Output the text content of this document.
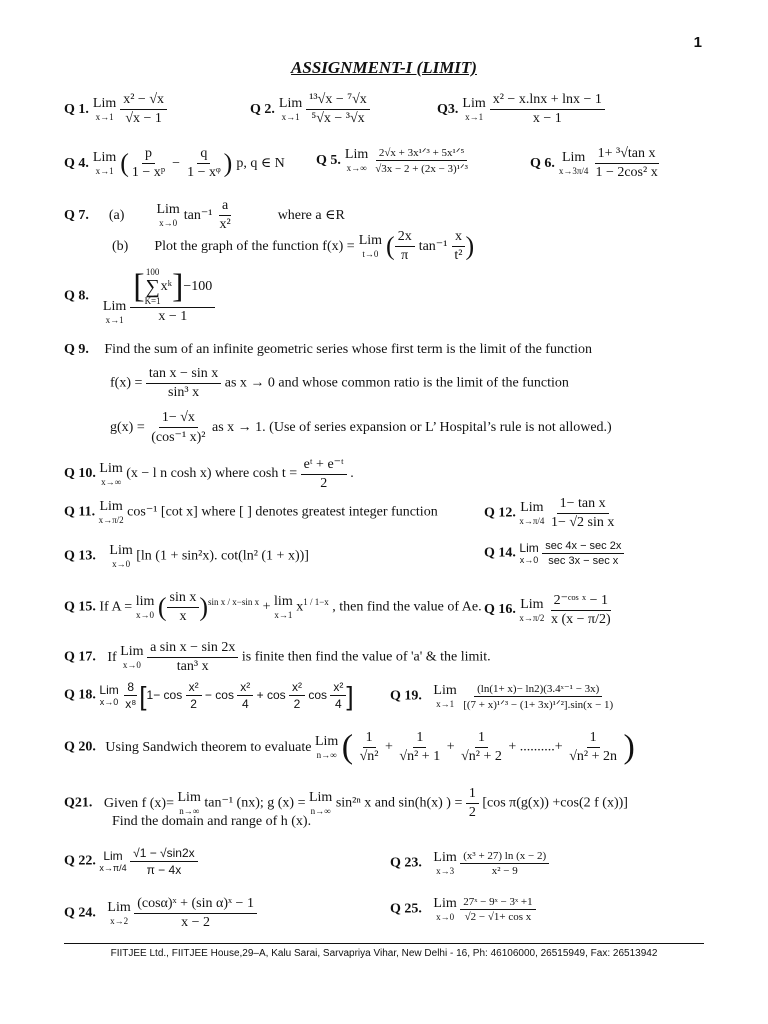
1
ASSIGNMENT-I (LIMIT)
Q 1. Lim
x→1
$\frac{\text{x² − √x}}{√x - 1}$	Q 2. Lim
x→1
$\frac{\text{¹³√x − ⁷√x}}{\text{⁵√x − ³√x}}$	Q3. Lim
x→1
$\frac{\text{x² − x.lnx + lnx − 1}}{x - 1}$
Q 4. Lim
x→1 ( $\frac{p}{\text{1 − xᵖ}} - \frac{q}{\text{1 − xᵠ}}$ ) p, q ∈ N Q 5. Lim
x→∞
$\frac{\text{2√x + 3x¹ᐟ³ + 5x¹ᐟ⁵}}{\text{√3x − 2 + (2x − 3)¹ᐟ³}}$	Q 6. Lim
x→3π/4
$\frac{\text{1+ ³√tan x}}{\text{1 − 2cos² x}}$
Q 7. (a) Lim
x→0 $\tan^{-1} \frac{a}{\text{x²}}$	where a ∈R
(b) Plot the graph of the function f(x) = Lim
t→0 ( $\frac{2x}{\pi} \tan^{-1} \frac{x}{\text{t²}}$ )
Q 8.
Lim
x→1

[ 100
∑
K=1
xᵏ ] −100
x − 1
Q 9. Find the sum of an infinite geometric series whose first term is the limit of the function
$f(x) = \frac{\text{tan x − sin x}}{\text{sin³ x}}$ as x → 0 and whose common ratio is the limit of the function
$g(x) = \frac{1- √x}{\text{(cos⁻¹ x)²}}$ as x → 1. (Use of series expansion or L’ Hospital’s rule is not allowed.)
Q 10. Lim
x→∞
(x − l n cosh x) where $\cosh t = \frac{\text{eᵗ + e⁻ᵗ}}{2}$ .
Q 11. Lim
x→π/2
cos⁻¹ [cot x] where [ ] denotes greatest integer function	Q 12. Lim
x→π/4
$\frac{\text{1− tan x}}{\text{1− √2 sin x}}$
Q 13. Lim
x→0
[ln (1 + sin²x). cot(ln² (1 + x))]	Q 14. Lim
x→0
$\frac{\sec 4x - \sec 2x}{\text{sec 3x − sec x}}$
Q 15. If A = lim
x→0 ( $\frac{\text{sin x}}{x} )^{sin x / x-sin x} + \lim$
x→1
$x^{1 / 1-x}$ , then find the value of Ae. Q 16. Lim
x→π/2
$\frac{\text{2⁻ᶜᵒˢ ˣ − 1}}{x (x - \pi/2)}$
Q 17. If Lim
x→0
$\frac{\text{a sin x − sin 2x}}{\text{tan³ x}}$ is finite then find the value of 'a' & the limit.
Q 18. Lim
x→0
$\frac{8}{\text{x⁸}} [1- \cos \frac{\text{x²}}{2} - \cos \frac{\text{x²}}{4} + \cos \frac{\text{x²}}{2}$ $\cos \frac{\text{x²}}{4}$ ]	Q 19. Lim
x→1
$\frac{\text{(ln(1+ x)− ln2)(3.4ˣ⁻¹ − 3x)}}{\text{[(7 + x)¹ᐟ³ − (1+ 3x)¹ᐟ²].sin(x − 1)}}$
Q 20. Using Sandwich theorem to evaluate Lim
n→∞ ( $\frac{1}{\text{√n²}} + \frac{1}{\text{√n² + 1}} + \frac{1}{\text{√n² + 2}}$ + ..........+ $\frac{1}{\text{√n² + 2n}}$ )
Q21. Given f (x)= Lim
n→∞
tan⁻¹ (nx); g (x) = Lim
n→∞
sin²ⁿ x and sin(h(x) ) = $\frac{1}{2} [\cos$ π(g(x)) +cos(2 f (x))]
Find the domain and range of h (x).
Q 22. Lim
x→π/4
$\frac{√1 - √\sin 2x}{\pi - 4x}$	Q 23. Lim
x→3
$\frac{\text{(x³ + 27) ln (x − 2)}}{\text{x² − 9}}$
Q 24. Lim
x→2
$\frac{\text{(cosα)ˣ + (sin α)ˣ − 1}}{x - 2}$	Q 25. Lim
x→0
$\frac{\text{27ˣ − 9ˣ − 3ˣ +1}}{\text{√2 − √1+ cos x}}$
FIITJEE Ltd., FIITJEE House,29–A, Kalu Sarai, Sarvapriya Vihar, New Delhi - 16, Ph: 46106000, 26515949, Fax: 26513942
